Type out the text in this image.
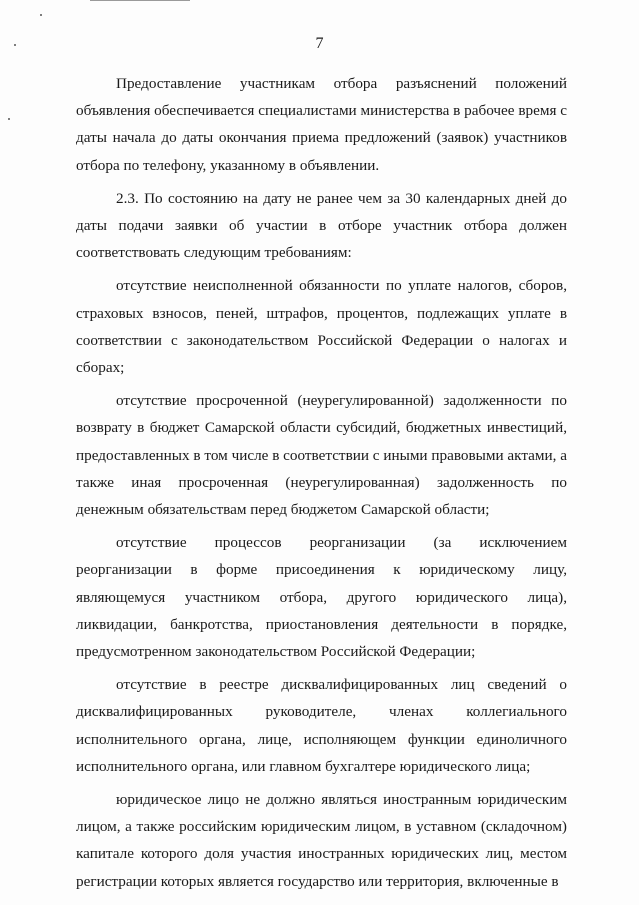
7

Предоставление участникам отбора разъяснений положений объявления обеспечивается специалистами министерства в рабочее время с даты начала до даты окончания приема предложений (заявок) участников отбора по телефону, указанному в объявлении.

2.3. По состоянию на дату не ранее чем за 30 календарных дней до даты подачи заявки об участии в отборе участник отбора должен соответствовать следующим требованиям:

отсутствие неисполненной обязанности по уплате налогов, сборов, страховых взносов, пеней, штрафов, процентов, подлежащих уплате в соответствии с законодательством Российской Федерации о налогах и сборах;

отсутствие просроченной (неурегулированной) задолженности по возврату в бюджет Самарской области субсидий, бюджетных инвестиций, предоставленных в том числе в соответствии с иными правовыми актами, а также иная просроченная (неурегулированная) задолженность по денежным обязательствам перед бюджетом Самарской области;

отсутствие процессов реорганизации (за исключением реорганизации в форме присоединения к юридическому лицу, являющемуся участником отбора, другого юридического лица), ликвидации, банкротства, приостановления деятельности в порядке, предусмотренном законодательством Российской Федерации;

отсутствие в реестре дисквалифицированных лиц сведений о дисквалифицированных руководителе, членах коллегиального исполнительного органа, лице, исполняющем функции единоличного исполнительного органа, или главном бухгалтере юридического лица;

юридическое лицо не должно являться иностранным юридическим лицом, а также российским юридическим лицом, в уставном (складочном) капитале которого доля участия иностранных юридических лиц, местом регистрации которых является государство или территория, включенные в
